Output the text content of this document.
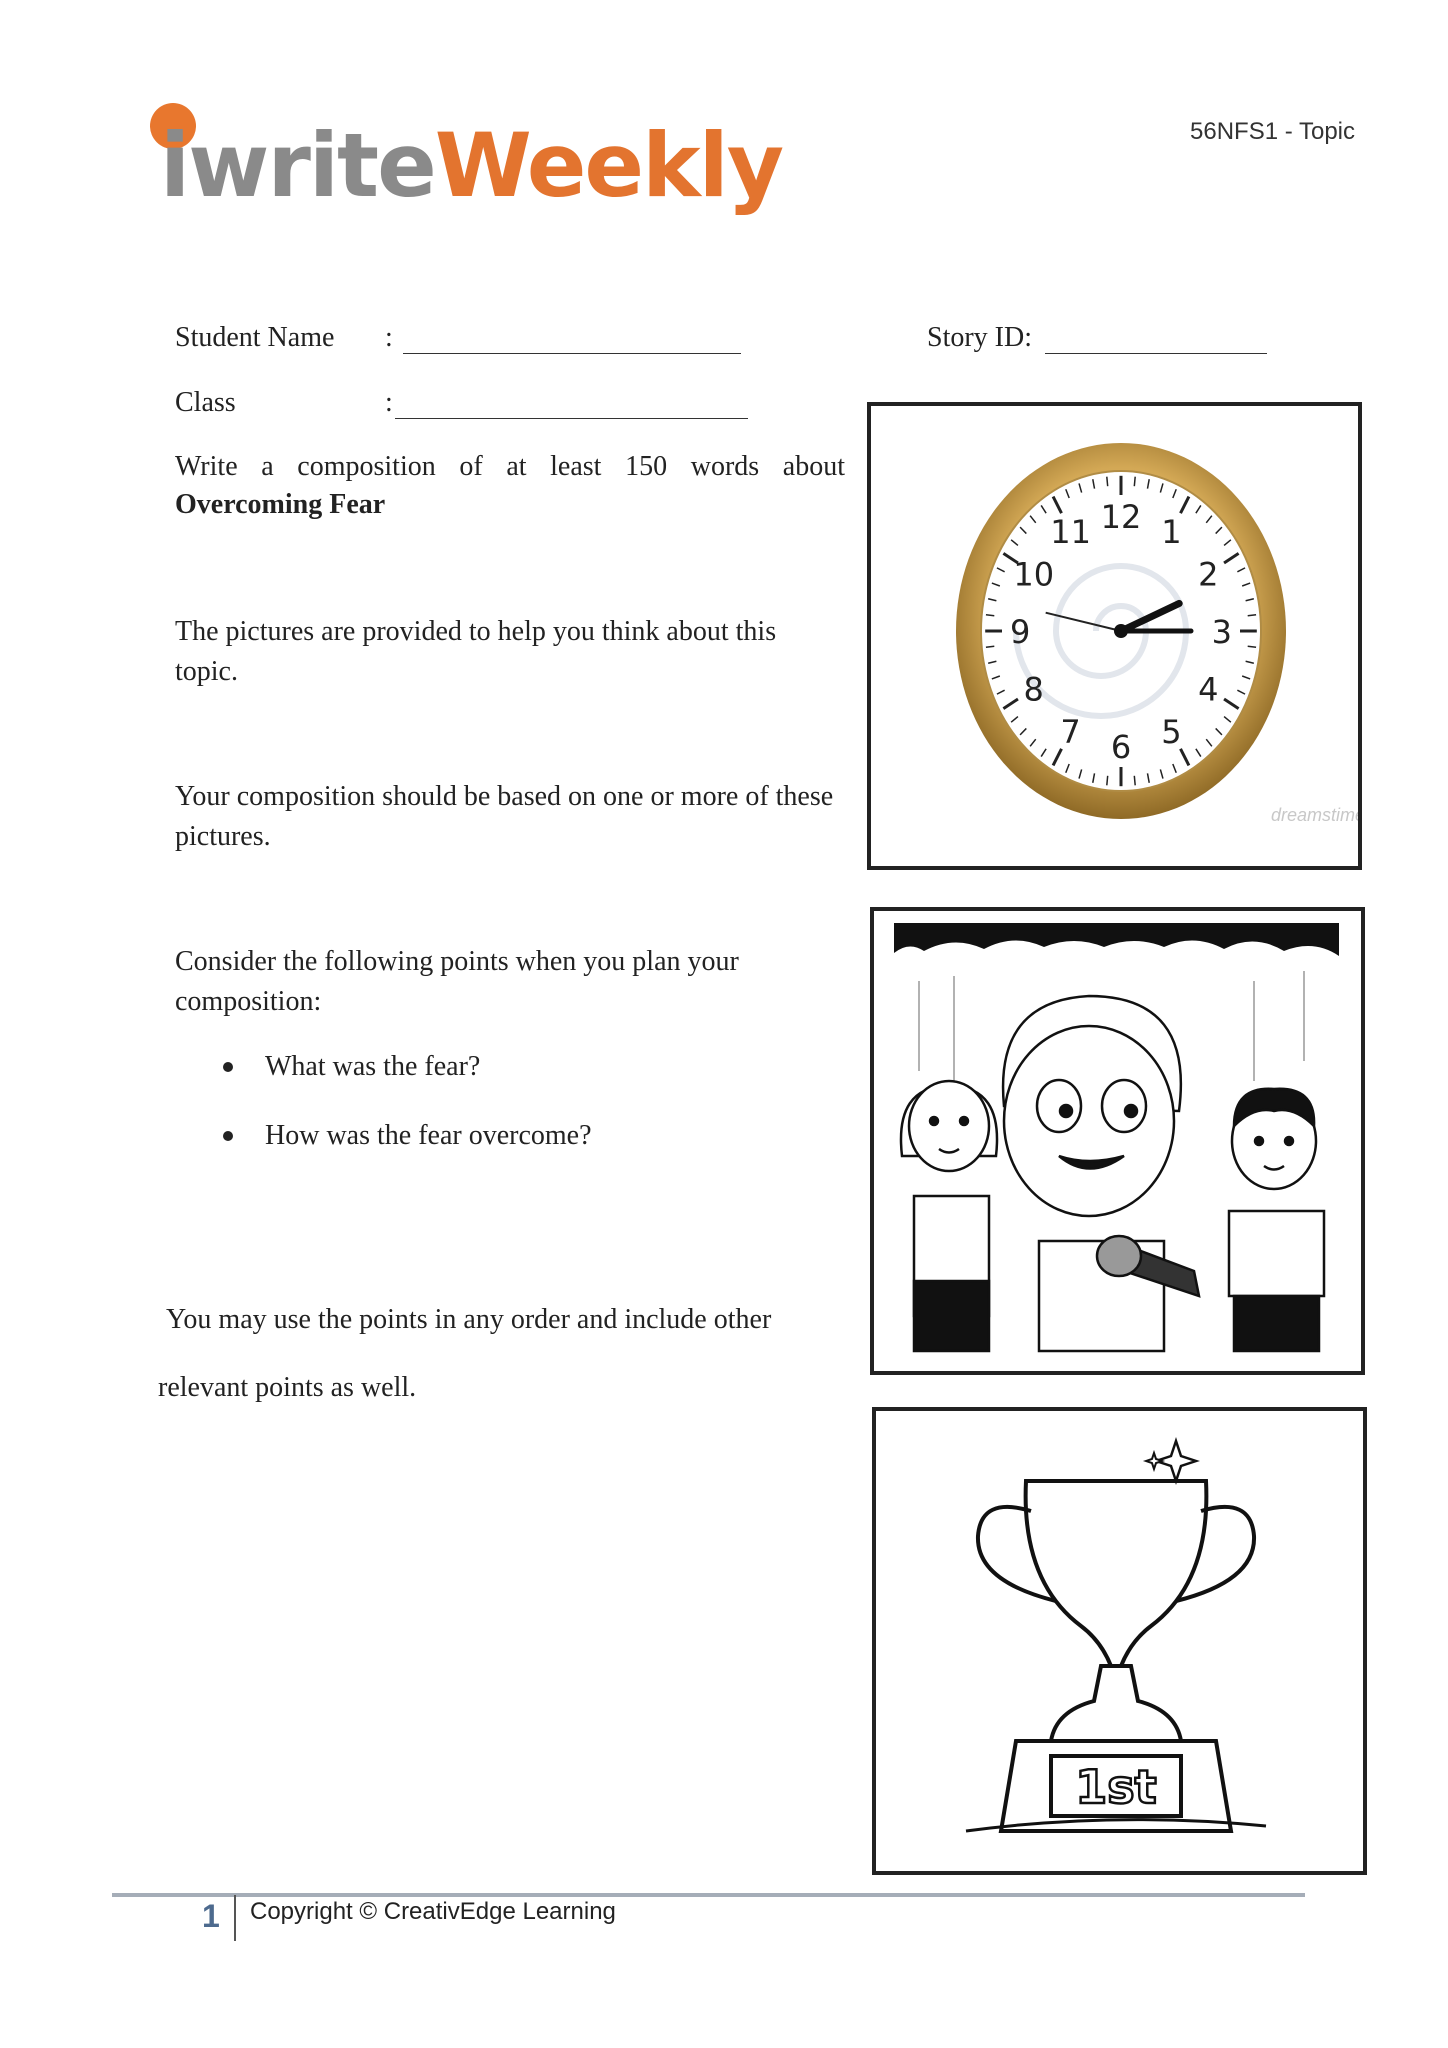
iwriteWeekly	56NFS1 - Topic
Student Name :	Story ID:
Class	:
Write a composition of at least 150 words about
Overcoming Fear
The pictures are provided to help you think about this topic.
Your composition should be based on one or more of these pictures.
Consider the following points when you plan your composition:
What was the fear?
How was the fear overcome?
You may use the points in any order and include other
relevant points as well.
12 1
2
3
4
5
6
7
8
9
10
11
dreamstime
1st
1 Copyright © CreativEdge Learning
